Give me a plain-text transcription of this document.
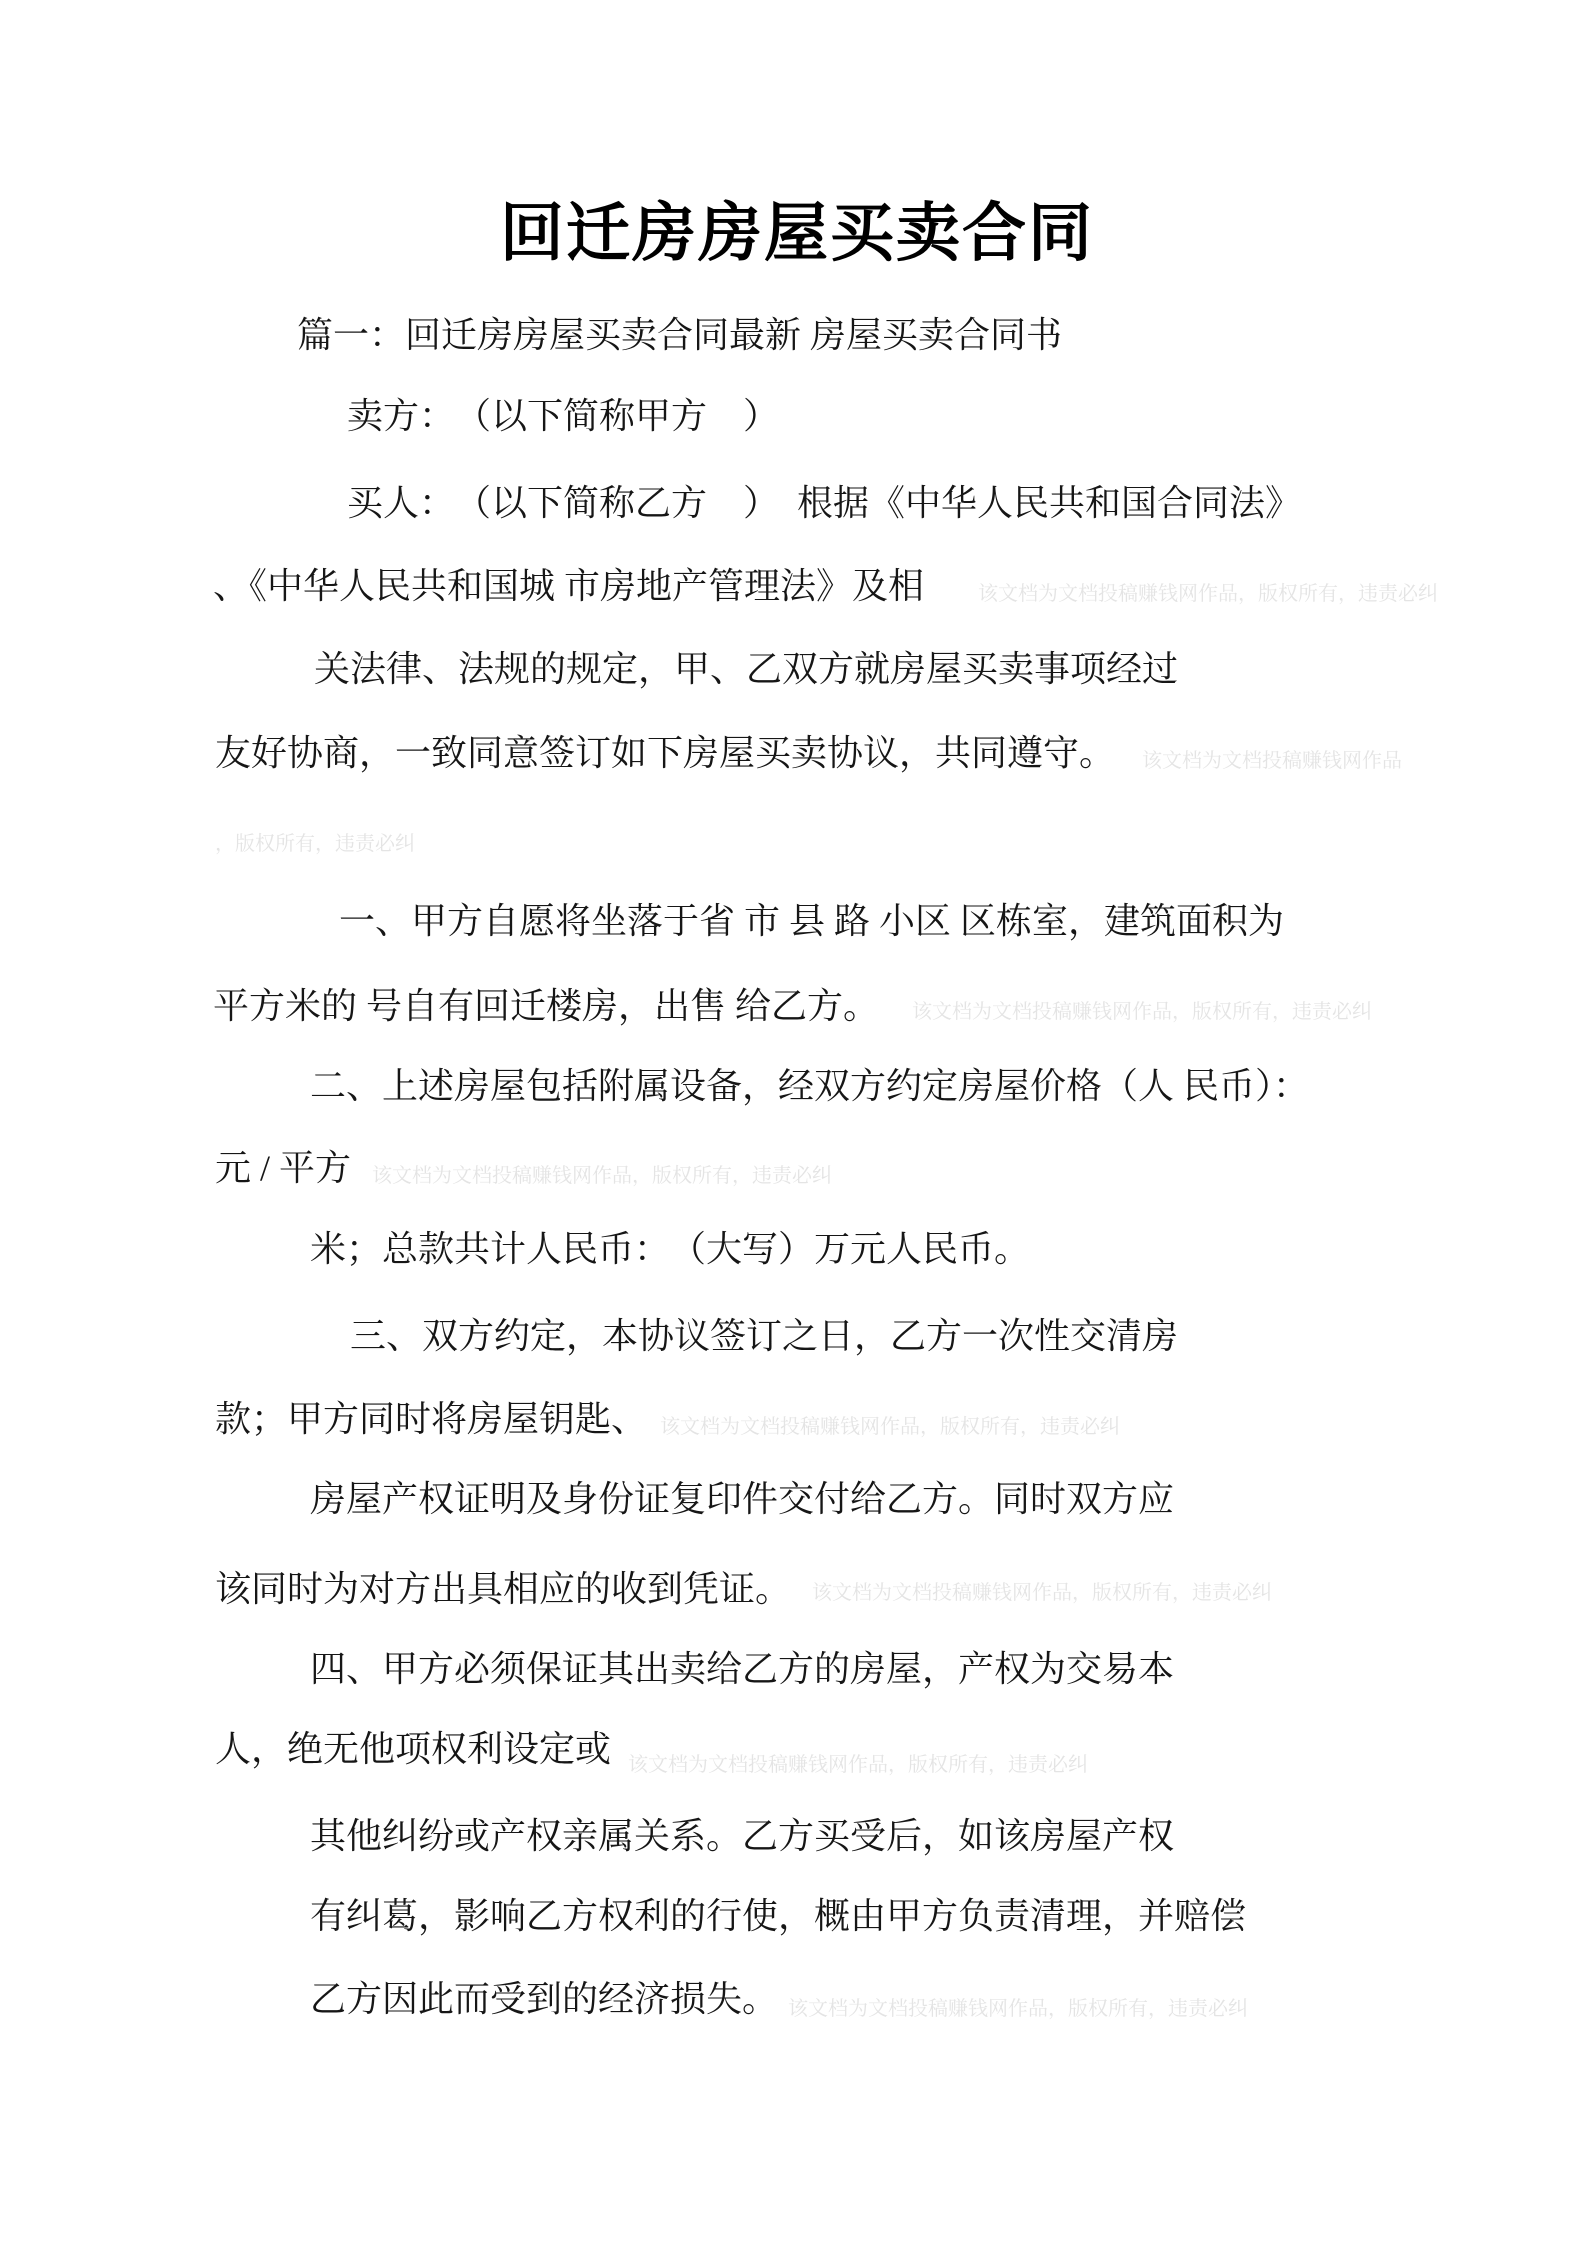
回迁房房屋买卖合同
篇一：回迁房房屋买卖合同最新 房屋买卖合同书
卖方：　（以下简称甲方　）
买人：　（以下简称乙方　）　根据《中华人民共和国合同法》
、《中华人民共和国城 市房地产管理法》及相
关法律、法规的规定，甲、乙双方就房屋买卖事项经过
友好协商，一致同意签订如下房屋买卖协议，共同遵守。
一、甲方自愿将坐落于省 市 县 路 小区 区栋室，建筑面积为
平方米的 号自有回迁楼房，出售 给乙方。
二、上述房屋包括附属设备，经双方约定房屋价格（人 民币）：
元 / 平方
米；总款共计人民币：　（大写）万元人民币。
三、双方约定，本协议签订之日，乙方一次性交清房
款；甲方同时将房屋钥匙、
房屋产权证明及身份证复印件交付给乙方。同时双方应
该同时为对方出具相应的收到凭证。
四、甲方必须保证其出卖给乙方的房屋，产权为交易本
人，绝无他项权利设定或
其他纠纷或产权亲属关系。乙方买受后，如该房屋产权
有纠葛，影响乙方权利的行使，概由甲方负责清理，并赔偿
乙方因此而受到的经济损失。
该文档为文档投稿赚钱网作品，版权所有，违责必纠
该文档为文档投稿赚钱网作品
，版权所有，违责必纠
该文档为文档投稿赚钱网作品，版权所有，违责必纠
该文档为文档投稿赚钱网作品，版权所有，违责必纠
该文档为文档投稿赚钱网作品，版权所有，违责必纠
该文档为文档投稿赚钱网作品，版权所有，违责必纠
该文档为文档投稿赚钱网作品，版权所有，违责必纠
该文档为文档投稿赚钱网作品，版权所有，违责必纠
